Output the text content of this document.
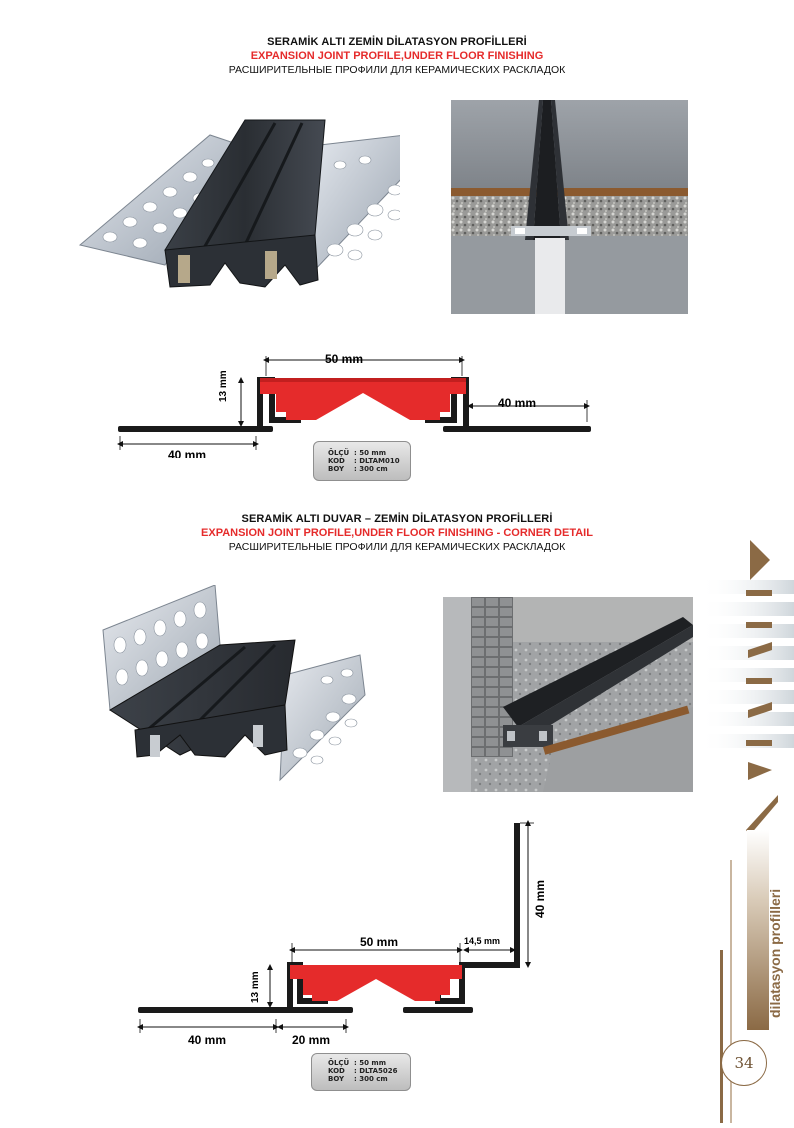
SERAMİK ALTI ZEMİN DİLATASYON PROFİLLERİ
EXPANSION JOINT PROFILE,UNDER FLOOR FINISHING
РАСШИРИТЕЛЬНЫЕ ПРОФИЛИ ДЛЯ КЕРАМИЧЕСКИХ РАСКЛАДОК
50 mm
13 mm
40 mm
40 mm	ÖLÇÜ : 50 mm
KOD	: DLTAM010
BOY	: 300 cm
SERAMİK ALTI DUVAR – ZEMİN DİLATASYON PROFİLLERİ
EXPANSION JOINT PROFILE,UNDER FLOOR FINISHING - CORNER DETAIL
РАСШИРИТЕЛЬНЫЕ ПРОФИЛИ ДЛЯ КЕРАМИЧЕСКИХ РАСКЛАДОК
50 mm	14,5 mm
40 mm
13 mm
40 mm	20 mm
ÖLÇÜ : 50 mm
KOD	: DLTA5026
BOY	: 300 cm
dilatasyon profilleri
34
